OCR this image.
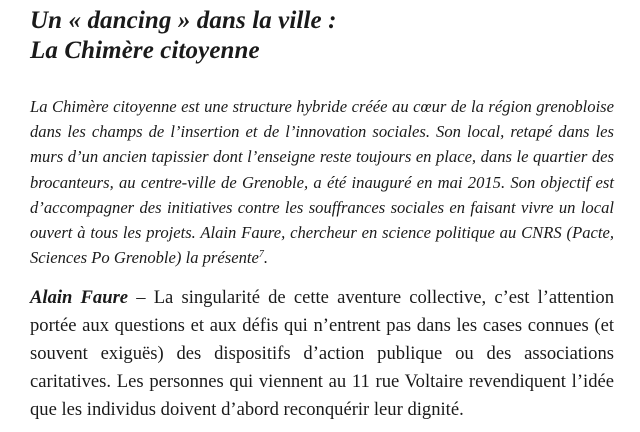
Un « dancing » dans la ville :
La Chimère citoyenne

La Chimère citoyenne est une structure hybride créée au cœur de la région grenobloise dans les champs de l’insertion et de l’innovation sociales. Son local, retapé dans les murs d’un ancien tapissier dont l’enseigne reste toujours en place, dans le quartier des brocanteurs, au centre-ville de Grenoble, a été inauguré en mai 2015. Son objectif est d’accompagner des initiatives contre les souffrances sociales en faisant vivre un local ouvert à tous les projets. Alain Faure, chercheur en science politique au CNRS (Pacte, Sciences Po Grenoble) la présente$^7$.

Alain Faure – La singularité de cette aventure collective, c’est l’attention portée aux questions et aux défis qui n’entrent pas dans les cases connues (et souvent exiguës) des dispositifs d’action publique ou des associations caritatives. Les personnes qui viennent au 11 rue Voltaire revendiquent l’idée que les individus doivent d’abord reconquérir leur dignité.
